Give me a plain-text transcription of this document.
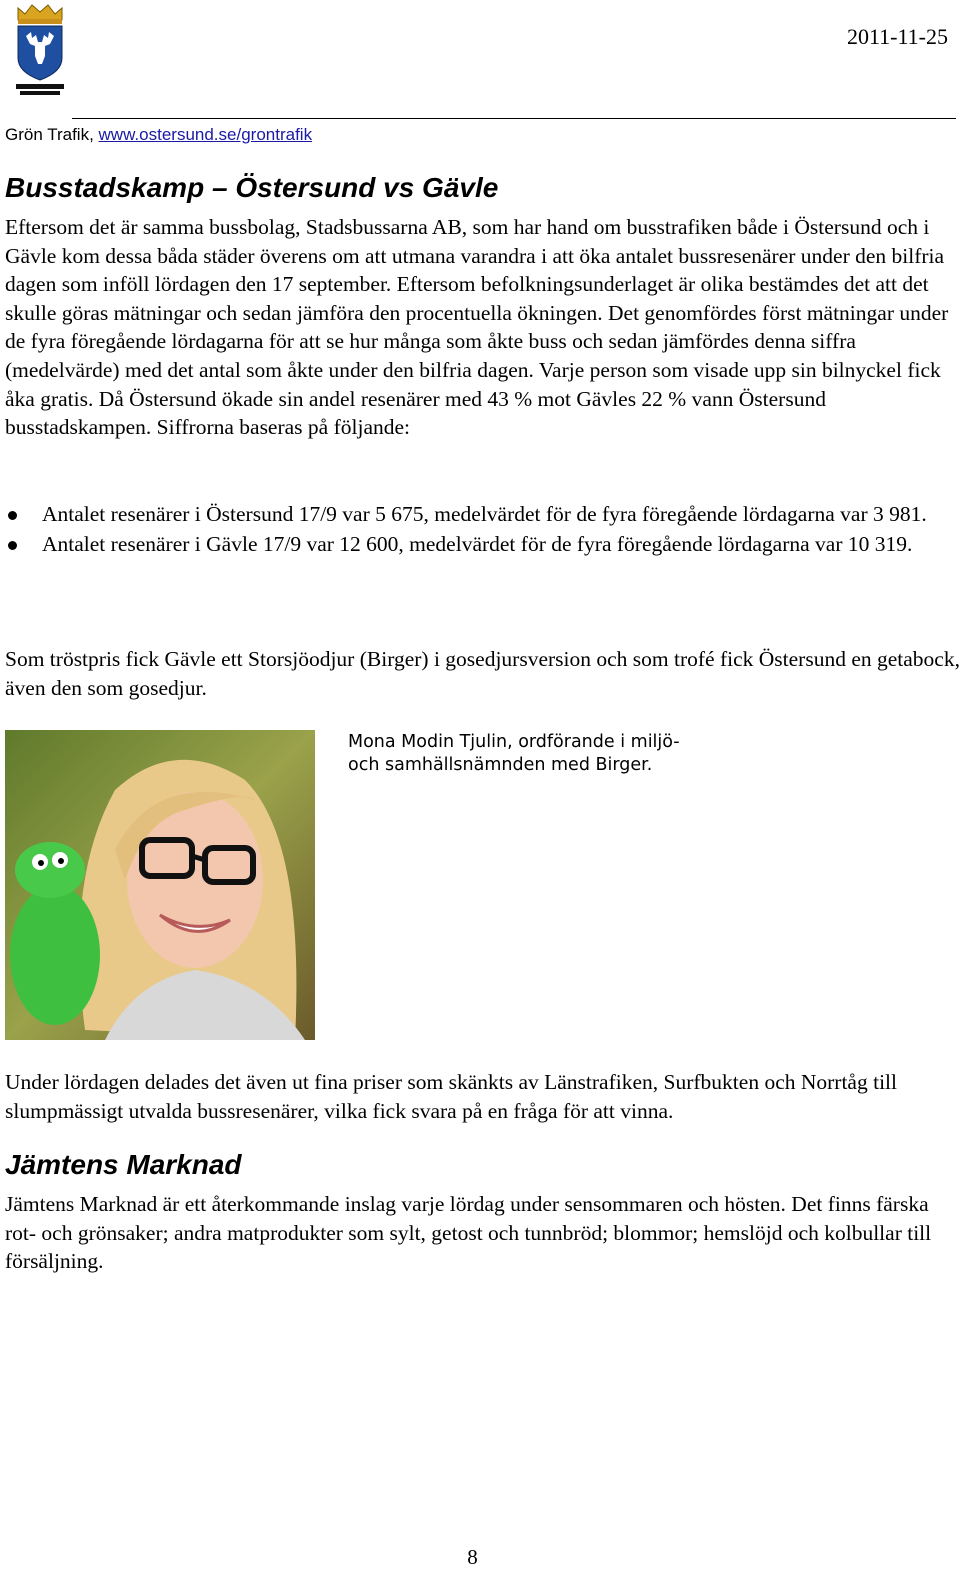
2011-11-25
Grön Trafik, www.ostersund.se/grontrafik
Busstadskamp – Östersund vs Gävle

Eftersom det är samma bussbolag, Stadsbussarna AB, som har hand om busstrafiken både i Östersund och i Gävle kom dessa båda städer överens om att utmana varandra i att öka antalet bussresenärer under den bilfria dagen som inföll lördagen den 17 september. Eftersom befolkningsunderlaget är olika bestämdes det att det skulle göras mätningar och sedan jämföra den procentuella ökningen. Det genomfördes först mätningar under de fyra föregående lördagarna för att se hur många som åkte buss och sedan jämfördes denna siffra (medelvärde) med det antal som åkte under den bilfria dagen. Varje person som visade upp sin bilnyckel fick åka gratis. Då Östersund ökade sin andel resenärer med 43 % mot Gävles 22 % vann Östersund busstadskampen. Siffrorna baseras på följande:

Antalet resenärer i Östersund 17/9 var 5 675, medelvärdet för de fyra föregående lördagarna var 3 981.
Antalet resenärer i Gävle 17/9 var 12 600, medelvärdet för de fyra föregående lördagarna var 10 319.

Som tröstpris fick Gävle ett Storsjöodjur (Birger) i gosedjursversion och som trofé fick Östersund en getabock, även den som gosedjur.

Mona Modin Tjulin, ordförande i miljö- och samhällsnämnden med Birger.

Under lördagen delades det även ut fina priser som skänkts av Länstrafiken, Surfbukten och Norrtåg till slumpmässigt utvalda bussresenärer, vilka fick svara på en fråga för att vinna.

Jämtens Marknad

Jämtens Marknad är ett återkommande inslag varje lördag under sensommaren och hösten. Det finns färska rot- och grönsaker; andra matprodukter som sylt, getost och tunnbröd; blommor; hemslöjd och kolbullar till försäljning.

8
